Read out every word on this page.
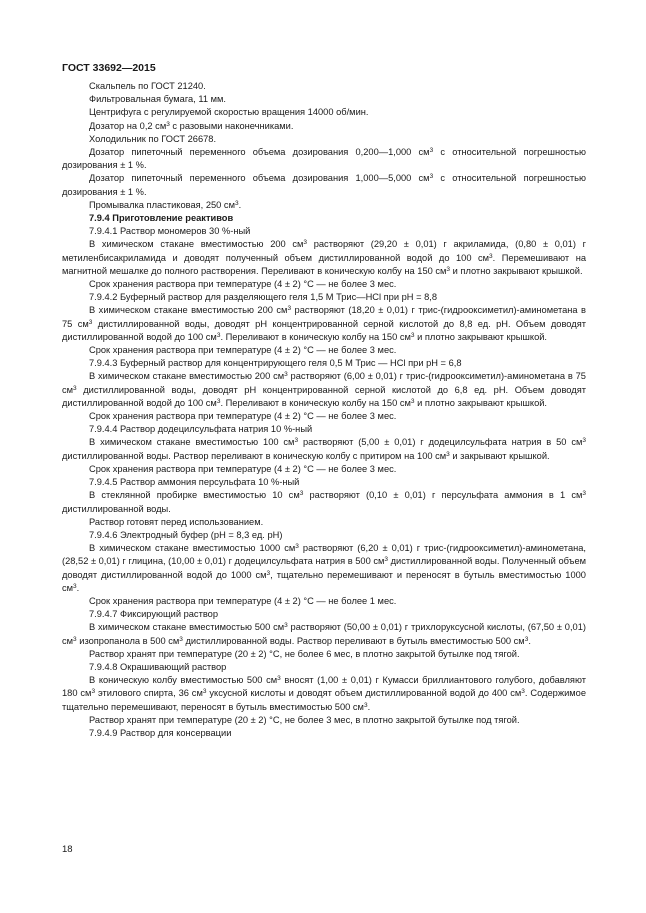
ГОСТ 33692—2015

Скальпель по ГОСТ 21240.

Фильтровальная бумага, 11 мм.

Центрифуга с регулируемой скоростью вращения 14000 об/мин.

Дозатор на 0,2 $см^3$ с разовыми наконечниками.

Холодильник по ГОСТ 26678.

Дозатор пипеточный переменного объема дозирования 0,200—1,000 $см^3$ с относительной погрешностью дозирования ± 1 %.

Дозатор пипеточный переменного объема дозирования 1,000—5,000 $см^3$ с относительной погрешностью дозирования ± 1 %.

Промывалка пластиковая, 250 $см^3$.

7.9.4 Приготовление реактивов

7.9.4.1 Раствор мономеров 30 %-ный

В химическом стакане вместимостью 200 $см^3$ растворяют (29,20 ± 0,01) г акриламида, (0,80 ± 0,01) г метиленбисакриламида и доводят полученный объем дистиллированной водой до 100 $см^3$. Перемешивают на магнитной мешалке до полного растворения. Переливают в коническую колбу на 150 $см^3$ и плотно закрывают крышкой.

Срок хранения раствора при температуре (4 ± 2) °С — не более 3 мес.

7.9.4.2 Буферный раствор для разделяющего геля 1,5 М Трис—HCl при pH = 8,8

В химическом стакане вместимостью 200 $см^3$ растворяют (18,20 ± 0,01) г трис-(гидрооксиметил)-аминометана в 75 $см^3$ дистиллированной воды, доводят pH концентрированной серной кислотой до 8,8 ед. pH. Объем доводят дистиллированной водой до 100 $см^3$. Переливают в коническую колбу на 150 $см^3$ и плотно закрывают крышкой.

Срок хранения раствора при температуре (4 ± 2) °С — не более 3 мес.

7.9.4.3 Буферный раствор для концентрирующего геля 0,5 М Трис — HCl при pH = 6,8

В химическом стакане вместимостью 200 $см^3$ растворяют (6,00 ± 0,01) г трис-(гидрооксиметил)-аминометана в 75 $см^3$ дистиллированной воды, доводят pH концентрированной серной кислотой до 6,8 ед. pH. Объем доводят дистиллированной водой до 100 $см^3$. Переливают в коническую колбу на 150 $см^3$ и плотно закрывают крышкой.

Срок хранения раствора при температуре (4 ± 2) °С — не более 3 мес.

7.9.4.4 Раствор додецилсульфата натрия 10 %-ный

В химическом стакане вместимостью 100 $см^3$ растворяют (5,00 ± 0,01) г додецилсульфата натрия в 50 $см^3$ дистиллированной воды. Раствор переливают в коническую колбу с притиром на 100 $см^3$ и закрывают крышкой.

Срок хранения раствора при температуре (4 ± 2) °С — не более 3 мес.

7.9.4.5 Раствор аммония персульфата 10 %-ный

В стеклянной пробирке вместимостью 10 $см^3$ растворяют (0,10 ± 0,01) г персульфата аммония в 1 $см^3$ дистиллированной воды.

Раствор готовят перед использованием.

7.9.4.6 Электродный буфер (pH = 8,3 ед. pH)

В химическом стакане вместимостью 1000 $см^3$ растворяют (6,20 ± 0,01) г трис-(гидрооксиметил)-аминометана, (28,52 ± 0,01) г глицина, (10,00 ± 0,01) г додецилсульфата натрия в 500 $см^3$ дистиллированной воды. Полученный объем доводят дистиллированной водой до 1000 $см^3$, тщательно перемешивают и переносят в бутыль вместимостью 1000 $см^3$.

Срок хранения раствора при температуре (4 ± 2) °С — не более 1 мес.

7.9.4.7 Фиксирующий раствор

В химическом стакане вместимостью 500 $см^3$ растворяют (50,00 ± 0,01) г трихлоруксусной кислоты, (67,50 ± 0,01) $см^3$ изопропанола в 500 $см^3$ дистиллированной воды. Раствор переливают в бутыль вместимостью 500 $см^3$.

Раствор хранят при температуре (20 ± 2) °С, не более 6 мес, в плотно закрытой бутылке под тягой.

7.9.4.8 Окрашивающий раствор

В коническую колбу вместимостью 500 $см^3$ вносят (1,00 ± 0,01) г Кумасси бриллиантового голубого, добавляют 180 $см^3$ этилового спирта, 36 $см^3$ уксусной кислоты и доводят объем дистиллированной водой до 400 $см^3$. Содержимое тщательно перемешивают, переносят в бутыль вместимостью 500 $см^3$.

Раствор хранят при температуре (20 ± 2) °С, не более 3 мес, в плотно закрытой бутылке под тягой.

7.9.4.9 Раствор для консервации

18
